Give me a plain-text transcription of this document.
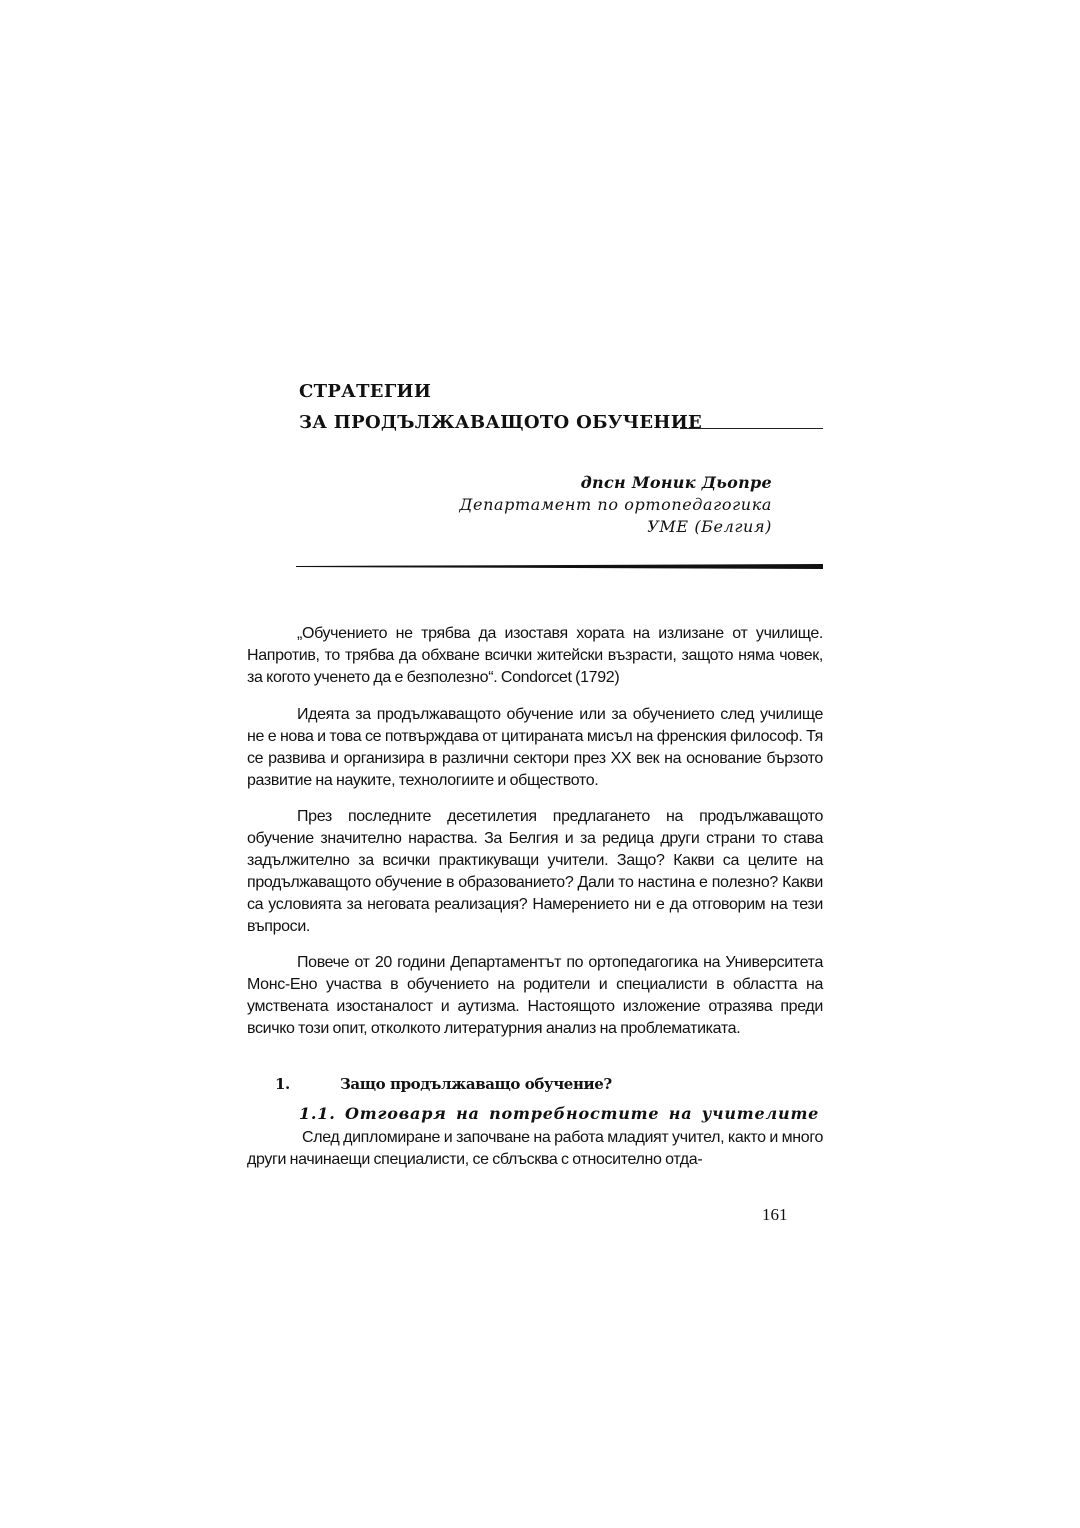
СТРАТЕГИИ
ЗА ПРОДЪЛЖАВАЩОТО ОБУЧЕНИЕ
дпсн Моник Дьопре
Департамент по ортопедагогика
УМЕ (Белгия)

„Обучението не трябва да изоставя хората на излизане от училище. Напротив, то трябва да обхване всички житейски възрасти, защото няма човек, за когото ученето да е безполезно“. Condorcet (1792)

Идеята за продължаващото обучение или за обучението след училище не е нова и това се потвърждава от цитираната мисъл на френския философ. Тя се развива и организира в различни сектори през ХХ век на основание бързото развитие на науките, технологиите и обществото.

През последните десетилетия предлагането на продължаващото обучение значително нараства. За Белгия и за редица други страни то става задължително за всички практикуващи учители. Защо? Какви са целите на продължаващото обучение в образованието? Дали то настина е полезно? Какви са условията за неговата реализация? Намерението ни е да отговорим на тези въпроси.

Повече от 20 години Департаментът по ортопедагогика на Университета Монс-Ено участва в обучението на родители и специалисти в областта на умствената изостаналост и аутизма. Настоящото изложение отразява преди всичко този опит, отколкото литературния анализ на проблематиката.

1.	Защо продължаващо обучение?
1.1. Отговаря на потребностите на учителите

След дипломиране и започване на работа младият учител, както и много други начинаещи специалисти, се сблъсква с относително отда-

161
